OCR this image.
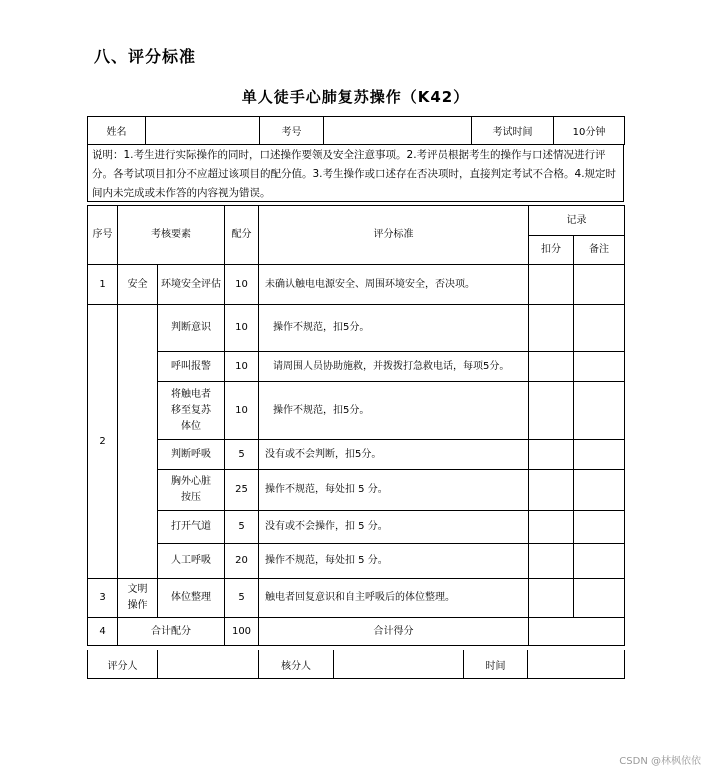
八、评分标准
单人徒手心肺复苏操作（K42）
姓名		考号		考试时间	10分钟
说明：1.考生进行实际操作的同时，口述操作要领及安全注意事项。2.考评员根据考生的操作与口述情况进行评分。各考试项目扣分不应超过该项目的配分值。3.考生操作或口述存在否决项时，直接判定考试不合格。4.规定时间内未完成或未作答的内容视为错误。
序号	考核要素		配分	评分标准	记录	
					扣分	备注
1	安全	环境安全评估	10	未确认触电电源安全、周围环境安全，否决项。		
2		判断意识	10	操作不规范，扣5分。		
		呼叫报警	10	请周围人员协助施救，并拨拨打急救电话，每项5分。		
		将触电者移至复苏体位	10	操作不规范，扣5分。		
		判断呼吸	5	没有或不会判断，扣5分。		
		胸外心脏按压	25	操作不规范，每处扣 5 分。		
		打开气道	5	没有或不会操作，扣 5 分。		
		人工呼吸	20	操作不规范，每处扣 5 分。		
3	文明操作	体位整理	5	触电者回复意识和自主呼吸后的体位整理。		
4	合计配分		100	合计得分		
评分人		核分人		时间	
CSDN @林枫依依
